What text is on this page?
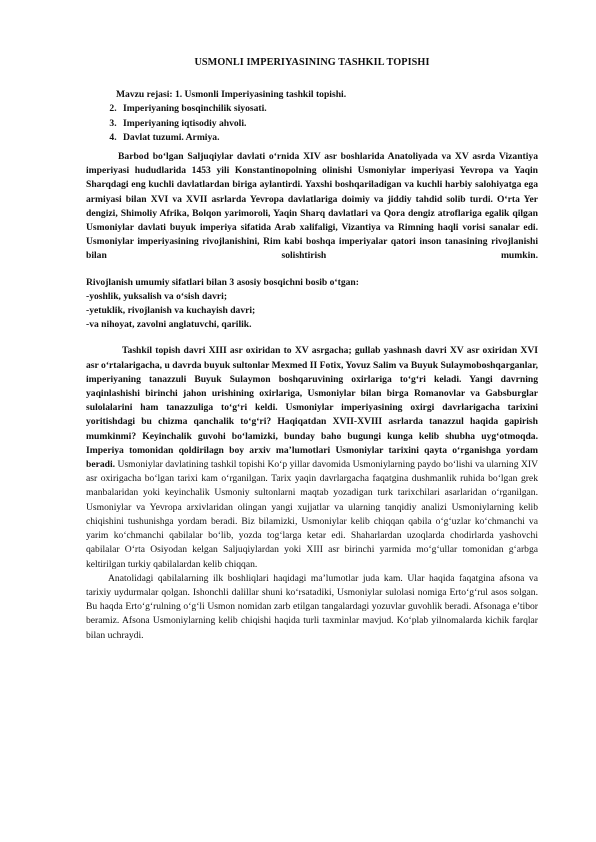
USMONLI IMPERIYASINING TASHKIL TOPISHI

Mavzu rejasi: 1. Usmonli Imperiyasining tashkil topishi.

2. Imperiyaning bosqinchilik siyosati.
3. Imperiyaning iqtisodiy ahvoli.
4. Davlat tuzumi. Armiya.

Barbod bo‘lgan Saljuqiylar davlati o‘rnida XIV asr boshlarida Anatoliyada va XV asrda Vizantiya imperiyasi hududlarida 1453 yili Konstantinopolning olinishi Usmoniylar imperiyasi Yevropa va Yaqin Sharqdagi eng kuchli davlatlardan biriga aylantirdi. Yaxshi boshqariladigan va kuchli harbiy salohiyatga ega armiyasi bilan XVI va XVII asrlarda Yevropa davlatlariga doimiy va jiddiy tahdid solib turdi. O‘rta Yer dengizi, Shimoliy Afrika, Bolqon yarimoroli, Yaqin Sharq davlatlari va Qora dengiz atroflariga egalik qilgan Usmoniylar davlati buyuk imperiya sifatida Arab xalifaligi, Vizantiya va Rimning haqli vorisi sanalar edi. Usmoniylar imperiyasining rivojlanishini, Rim kabi boshqa imperiyalar qatori inson tanasining rivojlanishi bilan solishtirish mumkin.

Rivojlanish umumiy sifatlari bilan 3 asosiy bosqichni bosib o‘tgan:
-yoshlik, yuksalish va o‘sish davri;
-yetuklik, rivojlanish va kuchayish davri;
-va nihoyat, zavolni anglatuvchi, qarilik.

Tashkil topish davri XIII asr oxiridan to XV asrgacha; gullab yashnash davri XV asr oxiridan XVI asr o‘rtalarigacha, u davrda buyuk sultonlar Mexmed II Fotix, Yovuz Salim va Buyuk Sulaymoboshqarganlar, imperiyaning tanazzuli Buyuk Sulaymon boshqaruvining oxirlariga to‘g‘ri keladi. Yangi davrning yaqinlashishi birinchi jahon urishining oxirlariga, Usmoniylar bilan birga Romanovlar va Gabsburglar sulolalarini ham tanazzuliga to‘g‘ri keldi. Usmoniylar imperiyasining oxirgi davrlarigacha tarixini yoritishdagi bu chizma qanchalik to‘g‘ri? Haqiqatdan XVII-XVIII asrlarda tanazzul haqida gapirish mumkinmi? Keyinchalik guvohi bo‘lamizki, bunday baho bugungi kunga kelib shubha uyg‘otmoqda. Imperiya tomonidan qoldirilagn boy arxiv ma’lumotlari Usmoniylar tarixini qayta o‘rganishga yordam beradi. Usmoniylar davlatining tashkil topishi Ko‘p yillar davomida Usmoniylarning paydo bo‘lishi va ularning XIV asr oxirigacha bo‘lgan tarixi kam o‘rganilgan. Tarix yaqin davrlargacha faqatgina dushmanlik ruhida bo‘lgan grek manbalaridan yoki keyinchalik Usmoniy sultonlarni maqtab yozadigan turk tarixchilari asarlaridan o‘rganilgan. Usmoniylar va Yevropa arxivlaridan olingan yangi xujjatlar va ularning tanqidiy analizi Usmoniylarning kelib chiqishini tushunishga yordam beradi. Biz bilamizki, Usmoniylar kelib chiqqan qabila o‘g‘uzlar ko‘chmanchi va yarim ko‘chmanchi qabilalar bo‘lib, yozda tog‘larga ketar edi. Shaharlardan uzoqlarda chodirlarda yashovchi qabilalar O‘rta Osiyodan kelgan Saljuqiylardan yoki XIII asr birinchi yarmida mo‘g‘ullar tomonidan g‘arbga keltirilgan turkiy qabilalardan kelib chiqqan.

Anatolidagi qabilalarning ilk boshliqlari haqidagi ma’lumotlar juda kam. Ular haqida faqatgina afsona va tarixiy uydurmalar qolgan. Ishonchli dalillar shuni ko‘rsatadiki, Usmoniylar sulolasi nomiga Erto‘g‘rul asos solgan. Bu haqda Erto‘g‘rulning o‘g‘li Usmon nomidan zarb etilgan tangalardagi yozuvlar guvohlik beradi. Afsonaga e’tibor beramiz. Afsona Usmoniylarning kelib chiqishi haqida turli taxminlar mavjud. Ko‘plab yilnomalarda kichik farqlar bilan uchraydi.
